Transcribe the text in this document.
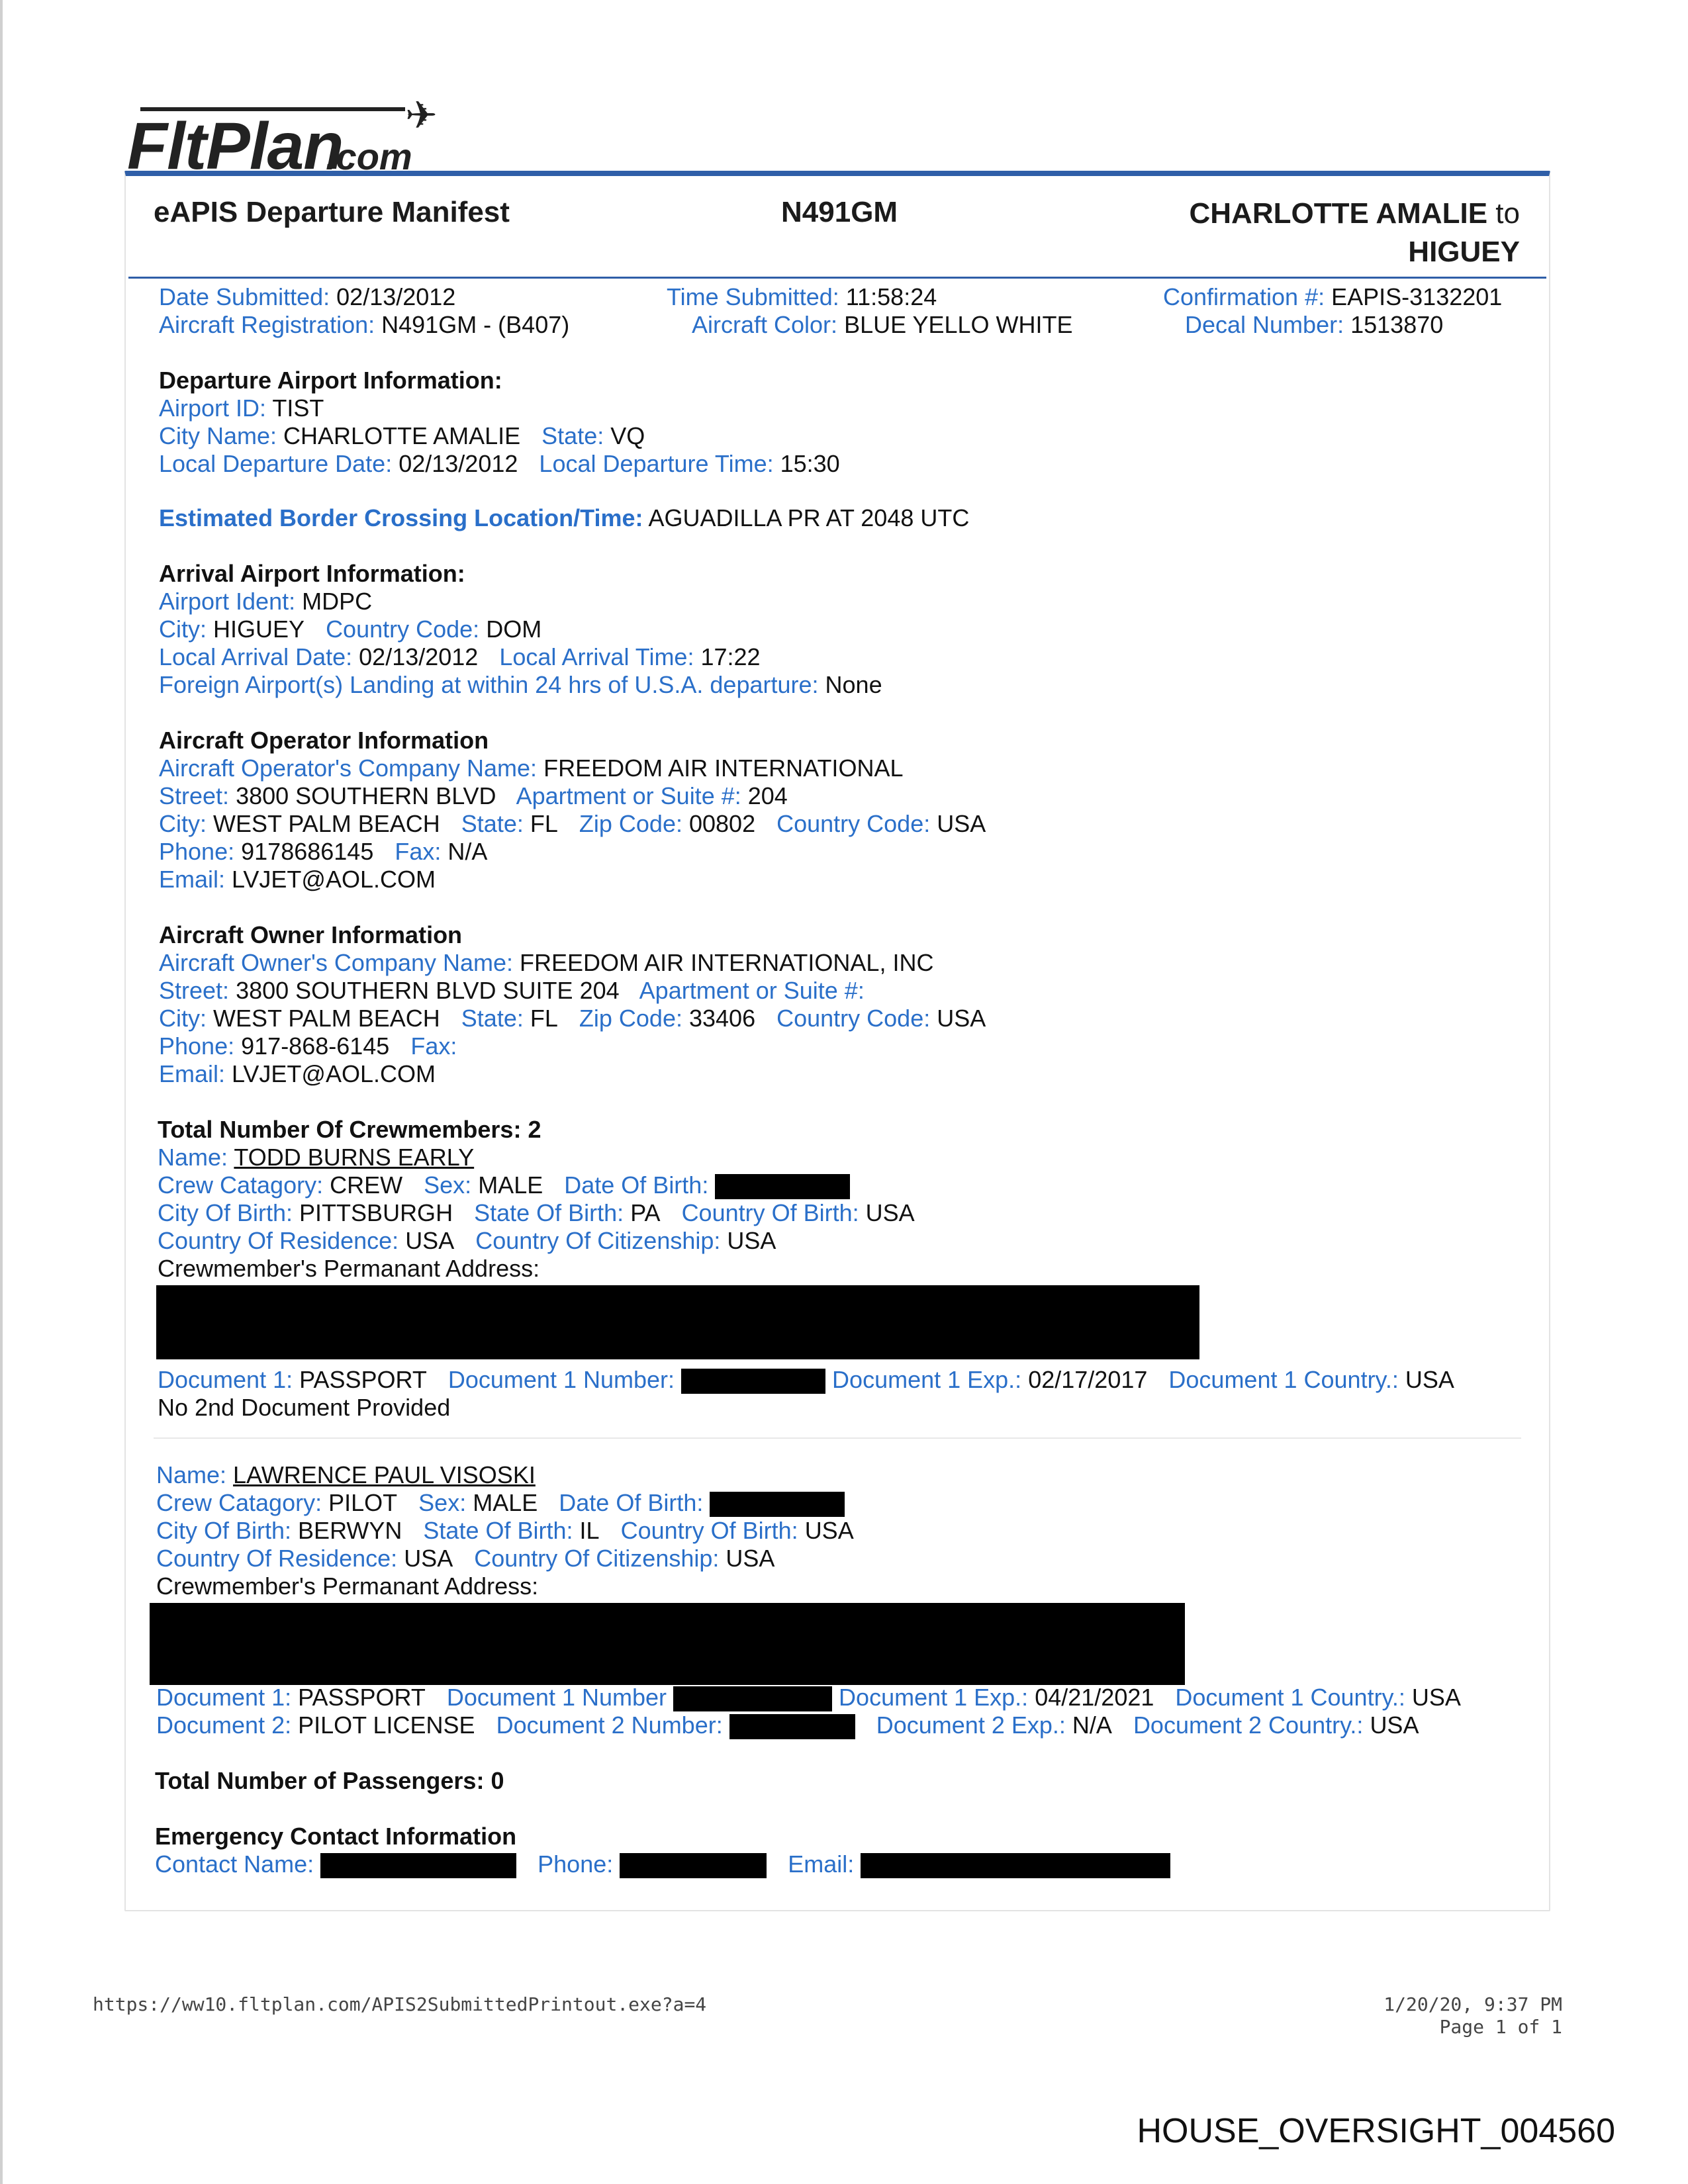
✈
FltPlan
.com
eAPIS Departure Manifest	N491GM	CHARLOTTE AMALIE to
HIGUEY
Date Submitted: 02/13/2012	Time Submitted: 11:58:24	Confirmation #: EAPIS-3132201
Aircraft Registration: N491GM - (B407)	Aircraft Color: BLUE YELLO WHITE	Decal Number: 1513870
Departure Airport Information:
Airport ID: TIST
City Name: CHARLOTTE AMALIE State: VQ
Local Departure Date: 02/13/2012 Local Departure Time: 15:30
Estimated Border Crossing Location/Time: AGUADILLA PR AT 2048 UTC
Arrival Airport Information:
Airport Ident: MDPC
City: HIGUEY Country Code: DOM
Local Arrival Date: 02/13/2012 Local Arrival Time: 17:22
Foreign Airport(s) Landing at within 24 hrs of U.S.A. departure: None
Aircraft Operator Information
Aircraft Operator's Company Name: FREEDOM AIR INTERNATIONAL
Street: 3800 SOUTHERN BLVD Apartment or Suite #: 204
City: WEST PALM BEACH State: FL Zip Code: 00802 Country Code: USA
Phone: 9178686145 Fax: N/A
Email: LVJET@AOL.COM
Aircraft Owner Information
Aircraft Owner's Company Name: FREEDOM AIR INTERNATIONAL, INC
Street: 3800 SOUTHERN BLVD SUITE 204 Apartment or Suite #:
City: WEST PALM BEACH State: FL Zip Code: 33406 Country Code: USA
Phone: 917-868-6145 Fax:
Email: LVJET@AOL.COM
Total Number Of Crewmembers: 2
Name: TODD BURNS EARLY
Crew Catagory: CREW Sex: MALE Date Of Birth:
City Of Birth: PITTSBURGH State Of Birth: PA Country Of Birth: USA
Country Of Residence: USA Country Of Citizenship: USA
Crewmember's Permanant Address:
Document 1: PASSPORT Document 1 Number:	Document 1 Exp.: 02/17/2017 Document 1 Country.: USA
No 2nd Document Provided
Name: LAWRENCE PAUL VISOSKI
Crew Catagory: PILOT Sex: MALE Date Of Birth:
City Of Birth: BERWYN State Of Birth: IL Country Of Birth: USA
Country Of Residence: USA Country Of Citizenship: USA
Crewmember's Permanant Address:
Document 1: PASSPORT Document 1 Number	Document 1 Exp.: 04/21/2021 Document 1 Country.: USA
Document 2: PILOT LICENSE Document 2 Number:	Document 2 Exp.: N/A Document 2 Country.: USA
Total Number of Passengers: 0
Emergency Contact Information
Contact Name:	Phone:	Email:
https://ww10.fltplan.com/APIS2SubmittedPrintout.exe?a=4	1/20/20, 9:37 PM
Page 1 of 1
HOUSE_OVERSIGHT_004560
